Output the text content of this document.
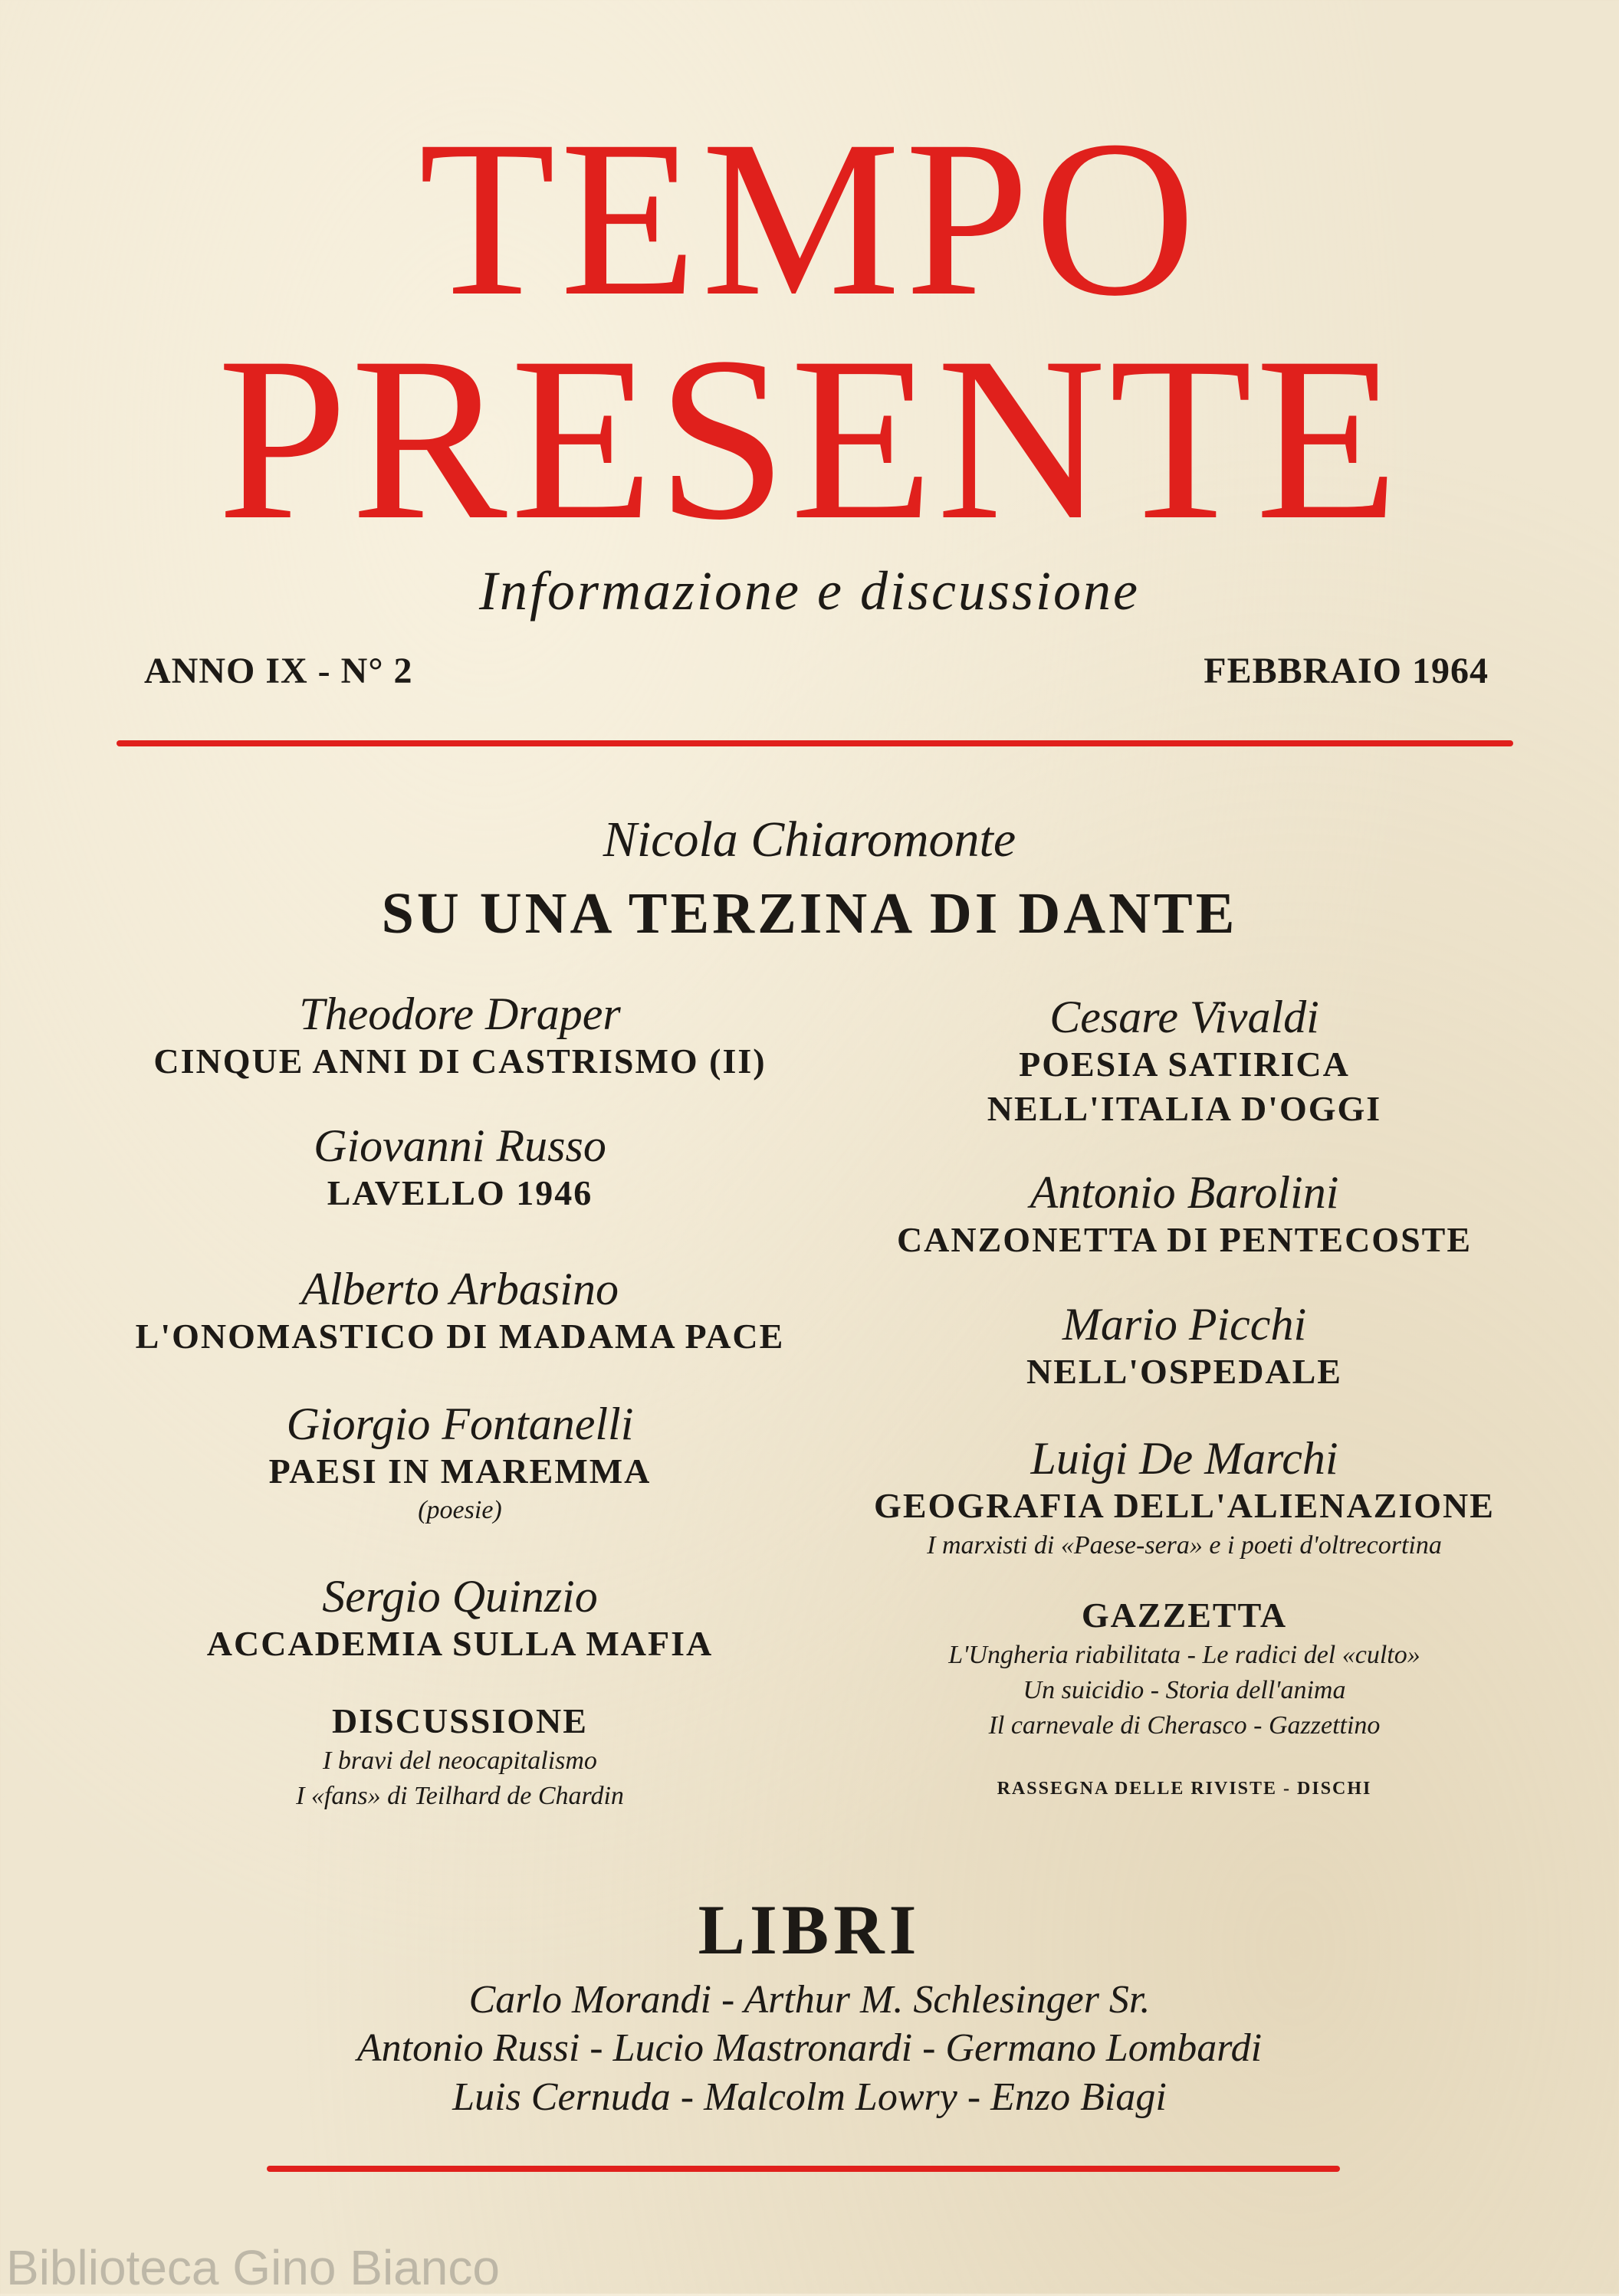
TEMPO
PRESENTE
Informazione e discussione
ANNO IX - N° 2	FEBBRAIO 1964
Nicola Chiaromonte
SU UNA TERZINA DI DANTE
Theodore Draper
CINQUE ANNI DI CASTRISMO (II)
Giovanni Russo
LAVELLO 1946
Alberto Arbasino
L'ONOMASTICO DI MADAMA PACE
Giorgio Fontanelli
PAESI IN MAREMMA
(poesie)
Sergio Quinzio
ACCADEMIA SULLA MAFIA
DISCUSSIONE
I bravi del neocapitalismo
I «fans» di Teilhard de Chardin
Cesare Vivaldi
POESIA SATIRICA
NELL'ITALIA D'OGGI
Antonio Barolini
CANZONETTA DI PENTECOSTE
Mario Picchi
NELL'OSPEDALE
Luigi De Marchi
GEOGRAFIA DELL'ALIENAZIONE
I marxisti di «Paese-sera» e i poeti d'oltrecortina
GAZZETTA
L'Ungheria riabilitata - Le radici del «culto»
Un suicidio - Storia dell'anima
Il carnevale di Cherasco - Gazzettino
RASSEGNA DELLE RIVISTE - DISCHI
LIBRI
Carlo Morandi - Arthur M. Schlesinger Sr.
Antonio Russi - Lucio Mastronardi - Germano Lombardi
Luis Cernuda - Malcolm Lowry - Enzo Biagi
Biblioteca Gino Bianco
